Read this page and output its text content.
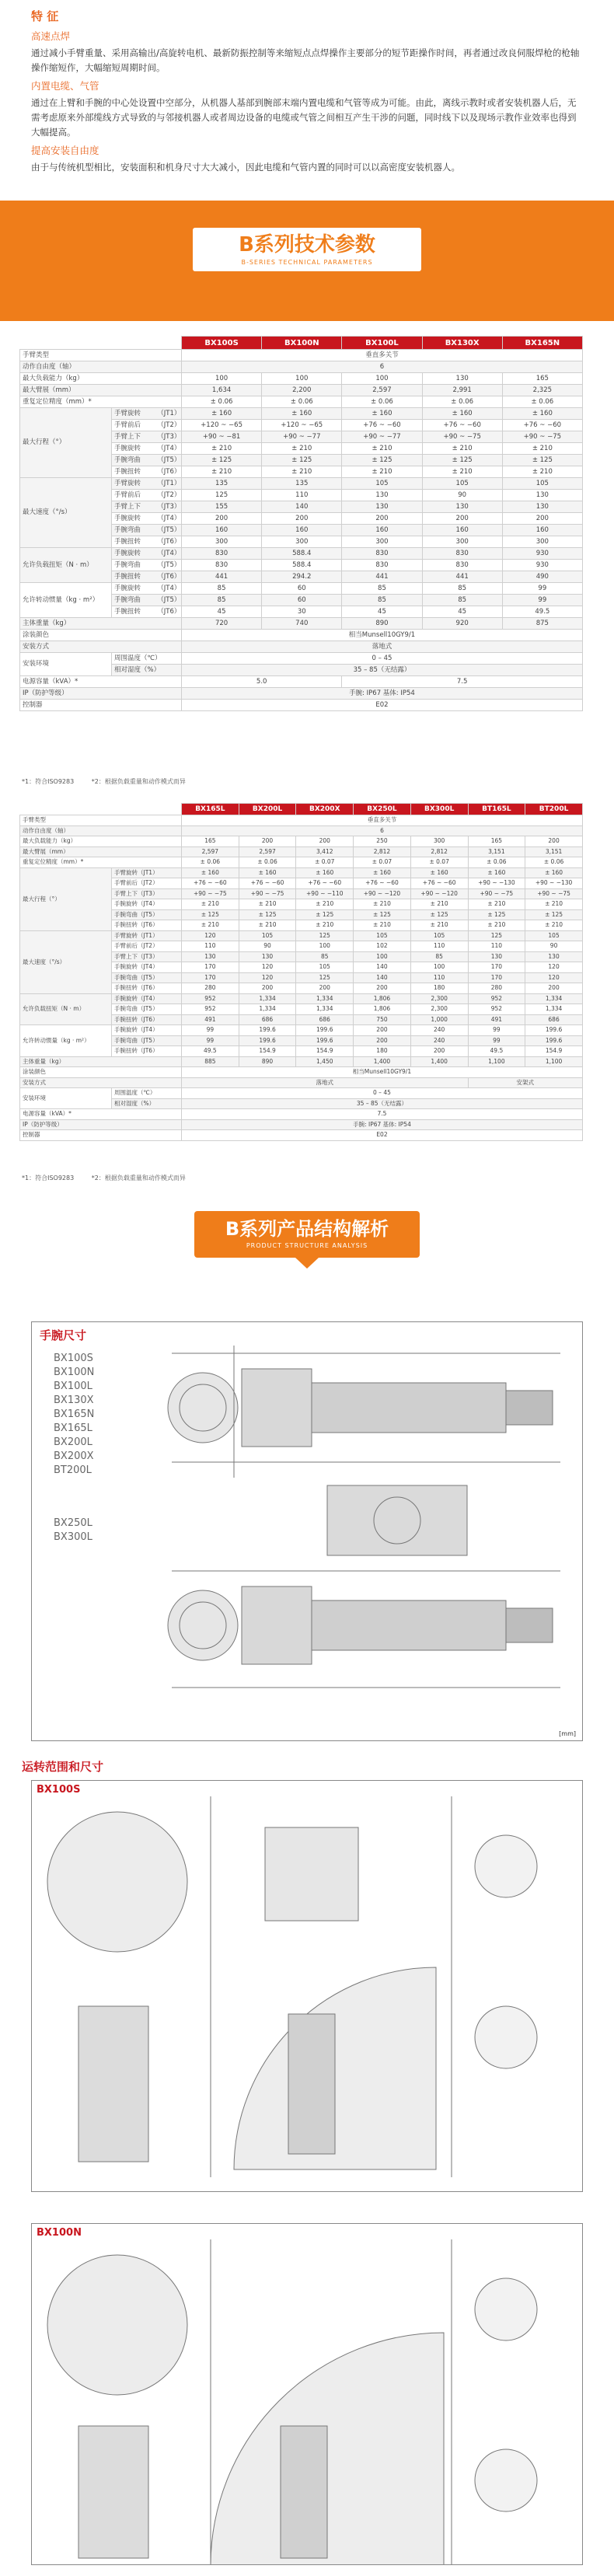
特 征
高速点焊
通过减小手臂重量、采用高输出/高旋转电机、最新防振控制等来缩短点点焊操作主要部分的短节距操作时间，再者通过改良伺服焊枪的枪轴操作缩短作，大幅缩短周期时间。
内置电缆、气管
通过在上臂和手腕的中心处设置中空部分，从机器人基部到腕部末端内置电缆和气管等成为可能。由此，离线示教时或者安装机器人后，无需考虑原来外部缆线方式导致的与邻接机器人或者周边设备的电缆或气管之间相互产生干涉的问题，同时线下以及现场示教作业效率也得到大幅提高。
提高安装自由度
由于与传统机型相比，安装面积和机身尺寸大大减小，因此电缆和气管内置的同时可以以高密度安装机器人。
B系列技术参数
B-SERIES TECHNICAL PARAMETERS
		BX100S	BX100N	BX100L	BX130X	BX165N
手臂类型		垂直多关节				
动作自由度（轴）		6				
最大负载能力（kg）		100	100	100	130	165
最大臂展（mm）		1,634	2,200	2,597	2,991	2,325
重复定位精度（mm）*		± 0.06	± 0.06	± 0.06	± 0.06	± 0.06
最大行程（°）	手臂旋转　　　（JT1）	± 160	± 160	± 160	± 160	± 160
	手臂前后　　　（JT2）	+120 ~ −65	+120 ~ −65	+76 ~ −60	+76 ~ −60	+76 ~ −60
	手臂上下　　　（JT3）	+90 ~ −81	+90 ~ −77	+90 ~ −77	+90 ~ −75	+90 ~ −75
	手腕旋转　　　（JT4）	± 210	± 210	± 210	± 210	± 210
	手腕弯曲　　　（JT5）	± 125	± 125	± 125	± 125	± 125
	手腕扭转　　　（JT6）	± 210	± 210	± 210	± 210	± 210
最大速度（°/s）	手臂旋转　　　（JT1）	135	135	105	105	105
	手臂前后　　　（JT2）	125	110	130	90	130
	手臂上下　　　（JT3）	155	140	130	130	130
	手腕旋转　　　（JT4）	200	200	200	200	200
	手腕弯曲　　　（JT5）	160	160	160	160	160
	手腕扭转　　　（JT6）	300	300	300	300	300
允许负载扭矩（N · m）	手腕旋转　　　（JT4）	830	588.4	830	830	930
	手腕弯曲　　　（JT5）	830	588.4	830	830	930
	手腕扭转　　　（JT6）	441	294.2	441	441	490
允许转动惯量（kg · m²）	手腕旋转　　　（JT4）	85	60	85	85	99
	手腕弯曲　　　（JT5）	85	60	85	85	99
	手腕扭转　　　（JT6）	45	30	45	45	49.5
主体重量（kg）		720	740	890	920	875
涂装颜色		相当Munsell10GY9/1				
安装方式		落地式				
安装环境	周围温度（℃）	0 – 45				
	相对湿度（%）	35 – 85（无结露）				
电源容量（kVA）*		5.0		7.5		
IP（防护等级）		手腕: IP67 基体: IP54				
控制器		E02				
*1：符合ISO9283	*2：根据负载重量和动作模式而异
		BX165L	BX200L	BX200X	BX250L	BX300L	BT165L	BT200L
手臂类型		垂直多关节						
动作自由度（轴）		6						
最大负载能力（kg）		165	200	200	250	300	165	200
最大臂展（mm）		2,597	2,597	3,412	2,812	2,812	3,151	3,151
重复定位精度（mm）*		± 0.06	± 0.06	± 0.07	± 0.07	± 0.07	± 0.06	± 0.06
最大行程（°）	手臂旋转（JT1）	± 160	± 160	± 160	± 160	± 160	± 160	± 160
	手臂前后（JT2）	+76 ~ −60	+76 ~ −60	+76 ~ −60	+76 ~ −60	+76 ~ −60	+90 ~ −130	+90 ~ −130
	手臂上下（JT3）	+90 ~ −75	+90 ~ −75	+90 ~ −110	+90 ~ −120	+90 ~ −120	+90 ~ −75	+90 ~ −75
	手腕旋转（JT4）	± 210	± 210	± 210	± 210	± 210	± 210	± 210
	手腕弯曲（JT5）	± 125	± 125	± 125	± 125	± 125	± 125	± 125
	手腕扭转（JT6）	± 210	± 210	± 210	± 210	± 210	± 210	± 210
最大速度（°/s）	手臂旋转（JT1）	120	105	125	105	105	125	105
	手臂前后（JT2）	110	90	100	102	110	110	90
	手臂上下（JT3）	130	130	85	100	85	130	130
	手腕旋转（JT4）	170	120	105	140	100	170	120
	手腕弯曲（JT5）	170	120	125	140	110	170	120
	手腕扭转（JT6）	280	200	200	200	180	280	200
允许负载扭矩（N · m）	手腕旋转（JT4）	952	1,334	1,334	1,806	2,300	952	1,334
	手腕弯曲（JT5）	952	1,334	1,334	1,806	2,300	952	1,334
	手腕扭转（JT6）	491	686	686	750	1,000	491	686
允许转动惯量（kg · m²）	手腕旋转（JT4）	99	199.6	199.6	200	240	99	199.6
	手腕弯曲（JT5）	99	199.6	199.6	200	240	99	199.6
	手腕扭转（JT6）	49.5	154.9	154.9	180	200	49.5	154.9
主体重量（kg）		885	890	1,450	1,400	1,400	1,100	1,100
涂装颜色		相当Munsell10GY9/1						
安装方式		落地式					安架式	
安装环境	周围温度（℃）	0 – 45						
	相对湿度（%）	35 – 85（无结露）						
电源容量（kVA）*		7.5						
IP（防护等级）		手腕: IP67 基体: IP54						
控制器		E02						
*1：符合ISO9283	*2：根据负载重量和动作模式而异
B系列产品结构解析
PRODUCT STRUCTURE ANALYSIS
手腕尺寸
BX100S
BX100N
BX100L
BX130X
BX165N
BX165L
BX200L
BX200X
BT200L
BX250L
BX300L
[mm]
运转范围和尺寸
BX100S
BX100N
